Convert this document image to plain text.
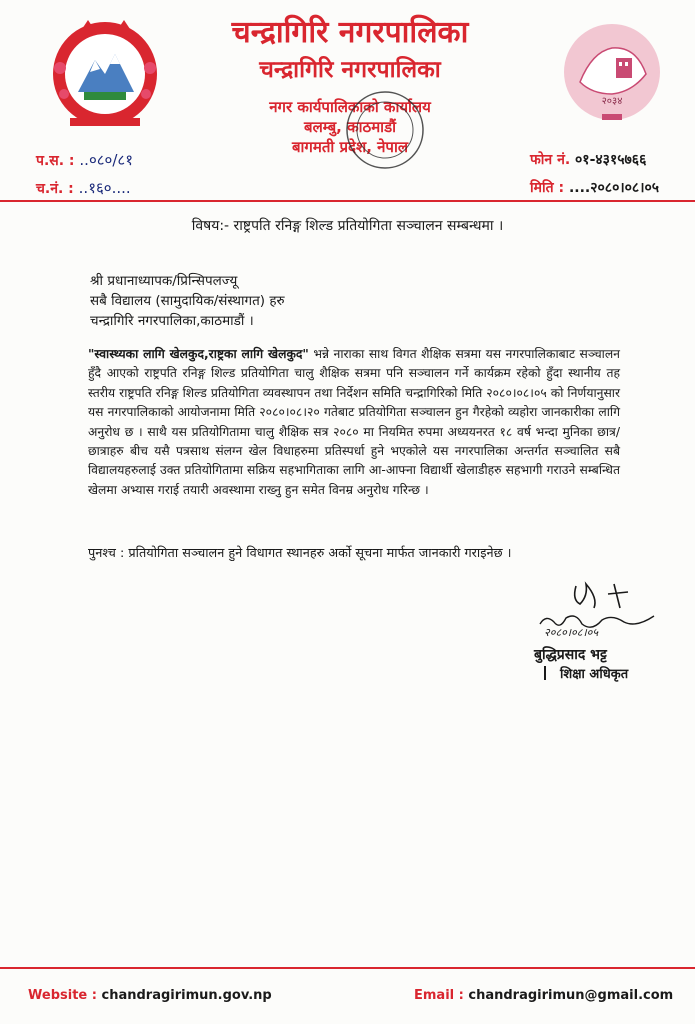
२०३४
चन्द्रागिरि नगरपालिका
चन्द्रागिरि नगरपालिका
नगर कार्यपालिकाको कार्यालय
बलम्बु, काठमाडौं
बागमती प्रदेश, नेपाल
प.स. : ..०८०/८१
च.नं. : ..१६०....
फोन नं. ०१-४३१५७६६
मिति : ....२०८०।०८।०५
विषय:- राष्ट्रपति रनिङ्ग शिल्ड प्रतियोगिता सञ्चालन सम्बन्धमा ।
श्री प्रधानाध्यापक/प्रिन्सिपलज्यू
सबै विद्यालय (सामुदायिक/संस्थागत) हरु
चन्द्रागिरि नगरपालिका,काठमाडौं ।
"स्वास्थ्यका लागि खेलकुद,राष्ट्रका लागि खेलकुद" भन्ने नाराका साथ विगत शैक्षिक सत्रमा यस नगरपालिकाबाट सञ्चालन हुँदै आएको राष्ट्रपति रनिङ्ग शिल्ड प्रतियोगिता चालु शैक्षिक सत्रमा पनि सञ्चालन गर्ने कार्यक्रम रहेको हुँदा स्थानीय तह स्तरीय राष्ट्रपति रनिङ्ग शिल्ड प्रतियोगिता व्यवस्थापन तथा निर्देशन समिति चन्द्रागिरिको मिति २०८०।०८।०५ को निर्णयानुसार यस नगरपालिकाको आयोजनामा मिति २०८०।०८।२० गतेबाट प्रतियोगिता सञ्चालन हुन गैरहेको व्यहोरा जानकारीका लागि अनुरोध छ । साथै यस प्रतियोगितामा चालु शैक्षिक सत्र २०८० मा नियमित रुपमा अध्ययनरत १८ वर्ष भन्दा मुनिका छात्र/छात्राहरु बीच यसै पत्रसाथ संलग्न खेल विधाहरुमा प्रतिस्पर्धा हुने भएकोले यस नगरपालिका अन्तर्गत सञ्चालित सबै विद्यालयहरुलाई उक्त प्रतियोगितामा सक्रिय सहभागिताका लागि आ-आफ्ना विद्यार्थी खेलाडीहरु सहभागी गराउने सम्बन्धित खेलमा अभ्यास गराई तयारी अवस्थामा राख्नु हुन समेत विनम्र अनुरोध गरिन्छ ।
पुनश्च : प्रतियोगिता सञ्चालन हुने विधागत स्थानहरु अर्को सूचना मार्फत जानकारी गराइनेछ ।
२०८०।०८।०५
बुद्धिप्रसाद भट्ट
शिक्षा अधिकृत
Website : chandragirimun.gov.np	Email : chandragirimun@gmail.com
